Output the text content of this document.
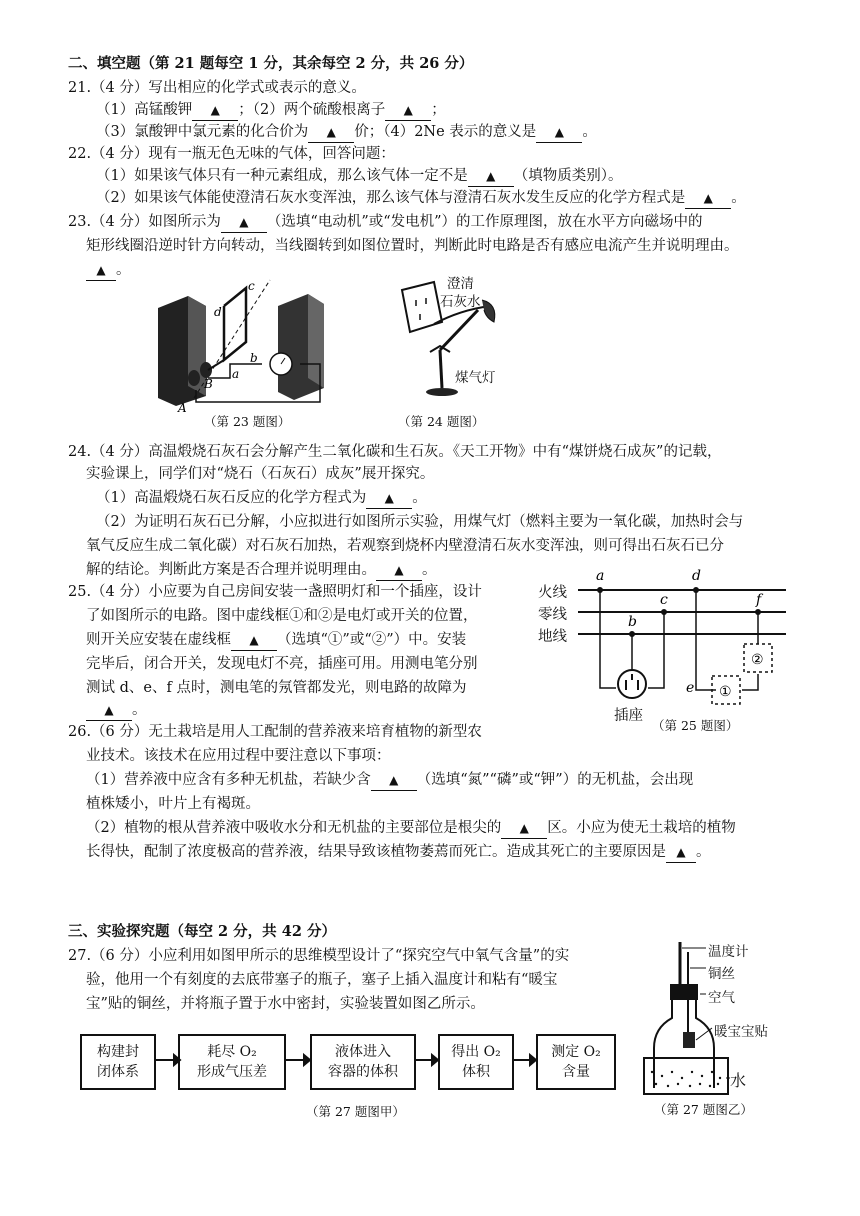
二、填空题（第 21 题每空 1 分，其余每空 2 分，共 26 分）
21.（4 分）写出相应的化学式或表示的意义。
（1）高锰酸钾 ▲ ；（2）两个硫酸根离子 ▲ ；
（3）氯酸钾中氯元素的化合价为 ▲ 价；（4）2Ne 表示的意义是 ▲ 。
22.（4 分）现有一瓶无色无味的气体，回答问题：
（1）如果该气体只有一种元素组成，那么该气体一定不是 ▲ （填物质类别）。
（2）如果该气体能使澄清石灰水变浑浊，那么该气体与澄清石灰水发生反应的化学方程式是 ▲ 。
23.（4 分）如图所示为 ▲ （选填“电动机”或“发电机”）的工作原理图，放在水平方向磁场中的
矩形线圈沿逆时针方向转动，当线圈转到如图位置时，判断此时电路是否有感应电流产生并说明理由。
▲ 。
c
d
b
a
B
A
（第 23 题图）
澄清
石灰水
煤气灯
（第 24 题图）
24.（4 分）高温煅烧石灰石会分解产生二氧化碳和生石灰。《天工开物》中有“煤饼烧石成灰”的记载，
实验课上，同学们对“烧石（石灰石）成灰”展开探究。
（1）高温煅烧石灰石反应的化学方程式为 ▲ 。
（2）为证明石灰石已分解，小应拟进行如图所示实验，用煤气灯（燃料主要为一氧化碳，加热时会与
氧气反应生成二氧化碳）对石灰石加热，若观察到烧杯内壁澄清石灰水变浑浊，则可得出石灰石已分
解的结论。判断此方案是否合理并说明理由。 ▲ 。
25.（4 分）小应要为自己房间安装一盏照明灯和一个插座，设计
了如图所示的电路。图中虚线框①和②是电灯或开关的位置，
则开关应安装在虚线框 ▲ （选填“①”或“②”）中。安装
完毕后，闭合开关，发现电灯不亮，插座可用。用测电笔分别
测试 d、e、f 点时，测电笔的氖管都发光，则电路的故障为
▲ 。
a	d
c	f
b
e ①
②
火线
零线
地线
插座
（第 25 题图）
26.（6 分）无土栽培是用人工配制的营养液来培育植物的新型农
业技术。该技术在应用过程中要注意以下事项：
（1）营养液中应含有多种无机盐，若缺少含 ▲ （选填“氮”“磷”或“钾”）的无机盐，会出现
植株矮小，叶片上有褐斑。
（2）植物的根从营养液中吸收水分和无机盐的主要部位是根尖的 ▲ 区。小应为使无土栽培的植物
长得快，配制了浓度极高的营养液，结果导致该植物萎蔫而死亡。造成其死亡的主要原因是 ▲ 。
三、实验探究题（每空 2 分，共 42 分）
27.（6 分）小应利用如图甲所示的思维模型设计了“探究空气中氧气含量”的实
验，他用一个有刻度的去底带塞子的瓶子，塞子上插入温度计和粘有“暖宝
宝”贴的铜丝，并将瓶子置于水中密封，实验装置如图乙所示。
构建封
闭体系
耗尽 O₂
形成气压差
液体进入
容器的体积
得出 O₂
体积
测定 O₂
含量
（第 27 题图甲）
温度计
铜丝
空气
暖宝宝贴
水
（第 27 题图乙）
